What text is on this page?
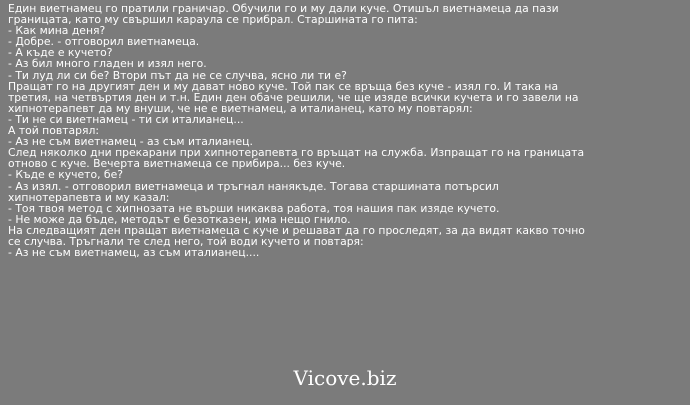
Един виетнамец го пратили граничар. Обучили го и му дали куче. Отишъл виетнамеца да пази
границата, като му свършил караула се прибрал. Старшината го пита:
- Как мина деня?
- Добре. - отговорил виетнамеца.
- А къде е кучето?
- Аз бил много гладен и изял него.
- Ти луд ли си бе? Втори път да не се случва, ясно ли ти е?
Пращат го на другият ден и му дават ново куче. Той пак се връща без куче - изял го. И така на
третия, на четвъртия ден и т.н. Един ден обаче решили, че ще изяде всички кучета и го завели на
хипнотерапевт да му внуши, че не е виетнамец, а италианец, като му повтарял:
- Ти не си виетнамец - ти си италианец...
А той повтарял:
- Аз не съм виетнамец - аз съм италианец.
След няколко дни прекарани при хипнотерапевта го връщат на служба. Изпращат го на границата
отново с куче. Вечерта виетнамеца се прибира... без куче.
- Къде е кучето, бе?
- Аз изял. - отговорил виетнамеца и тръгнал нанякъде. Тогава старшината потърсил
хипнотерапевта и му казал:
- Тоя твоя метод с хипнозата не върши никаква работа, тоя нашия пак изяде кучето.
- Не може да бъде, методът е безотказен, има нещо гнило.
На следващият ден пращат виетнамеца с куче и решават да го проследят, за да видят какво точно
се случва. Тръгнали те след него, той води кучето и повтаря:
- Аз не съм виетнамец, аз съм италианец....
Vicove.biz
